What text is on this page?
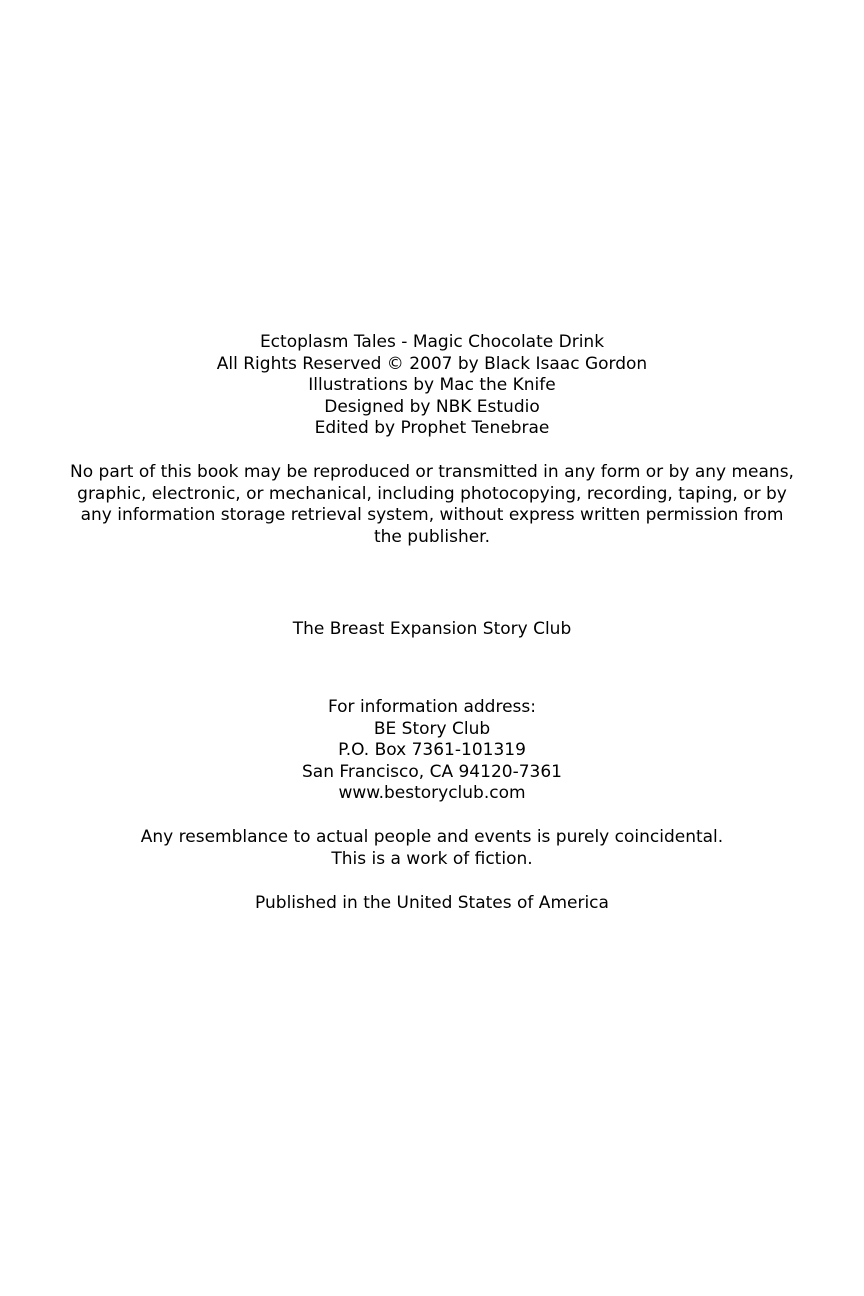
Ectoplasm Tales - Magic Chocolate Drink
All Rights Reserved © 2007 by Black Isaac Gordon
Illustrations by Mac the Knife
Designed by NBK Estudio
Edited by Prophet Tenebrae
No part of this book may be reproduced or transmitted in any form or by any means,
graphic, electronic, or mechanical, including photocopying, recording, taping, or by
any information storage retrieval system, without express written permission from
the publisher.
The Breast Expansion Story Club
For information address:
BE Story Club
P.O. Box 7361-101319
San Francisco, CA 94120-7361
www.bestoryclub.com
Any resemblance to actual people and events is purely coincidental.
This is a work of fiction.
Published in the United States of America
